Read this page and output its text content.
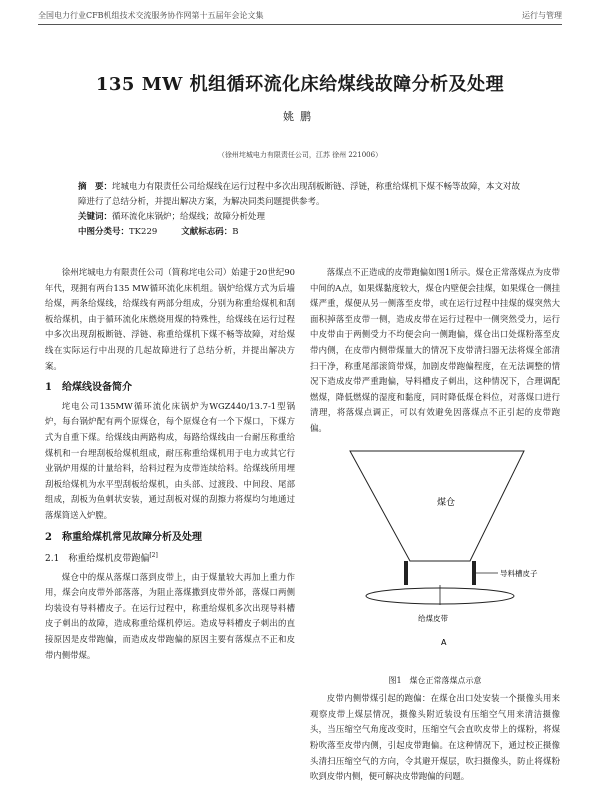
全国电力行业CFB机组技术交流服务协作网第十五届年会论文集	运行与管理
135 MW 机组循环流化床给煤线故障分析及处理
姚鹏
（徐州垞城电力有限责任公司，江苏 徐州 221006）

摘　要：垞城电力有限责任公司给煤线在运行过程中多次出现刮板断链、浮链，称重给煤机下煤不畅等故障，本文对故障进行了总结分析，并提出解决方案，为解决同类问题提供参考。

关键词：循环流化床锅炉；给煤线；故障分析处理

中图分类号：TK229	文献标志码：B

徐州垞城电力有限责任公司（简称垞电公司）始建于20世纪90年代，现拥有两台135 MW循环流化床机组。锅炉给煤方式为后墙给煤，两条给煤线，给煤线有两部分组成，分别为称重给煤机和刮板给煤机，由于循环流化床燃烧用煤的特殊性，给煤线在运行过程中多次出现刮板断链、浮链、称重给煤机下煤不畅等故障，对给煤线在实际运行中出现的几起故障进行了总结分析，并提出解决方案。

1　给煤线设备简介

垞电公司135MW循环流化床锅炉为WGZ440/13.7-1型锅炉，每台锅炉配有两个原煤仓，每个原煤仓有一个下煤口，下煤方式为自重下煤。给煤线由两路构成，每路给煤线由一台耐压称重给煤机和一台埋刮板给煤机组成，耐压称重给煤机用于电力或其它行业锅炉用煤的计量给料，给料过程为皮带连续给料。给煤线所用埋刮板给煤机为水平型刮板给煤机，由头部、过渡段、中间段、尾部组成，刮板为鱼刺状安装，通过刮板对煤的刮擦力将煤均匀地通过落煤筒送入炉膛。

2　称重给煤机常见故障分析及处理
2.1　称重给煤机皮带跑偏[2]

煤仓中的煤从落煤口落到皮带上，由于煤量较大再加上重力作用，煤会向皮带外部落落，为阻止落煤撒到皮带外部，落煤口两侧均装设有导料槽皮子。在运行过程中，称重给煤机多次出现导料槽皮子刺出的故障，造成称重给煤机停运。造成导料槽皮子刺出的直接原因是皮带跑偏，而造成皮带跑偏的原因主要有落煤点不正和皮带内侧带煤。

落煤点不正造成的皮带跑偏如图1所示。煤仓正常落煤点为皮带中间的A点，如果煤黏度较大，煤仓内壁便会挂煤，如果煤仓一侧挂煤严重，煤便从另一侧落至皮带，或在运行过程中挂煤的煤突然大面积掉落至皮带一侧，造成皮带在运行过程中一侧突然受力，运行中皮带由于两侧受力不均便会向一侧跑偏，煤仓出口处煤粉落至皮带内侧，在皮带内侧带煤量大的情况下皮带清扫器无法将煤全部清扫干净，称重尾部滚筒带煤，加剧皮带跑偏程度，在无法调整的情况下造成皮带严重跑偏，导料槽皮子刺出，这种情况下，合理调配燃煤，降低燃煤的湿度和黏度，同时降低煤仓料位，对落煤口进行清理，将落煤点调正，可以有效避免因落煤点不正引起的皮带跑偏。

煤仓
导料槽皮子
给煤皮带
A
图1　煤仓正常落煤点示意

皮带内侧带煤引起的跑偏：在煤仓出口处安装一个摄像头用来观察皮带上煤层情况，摄像头附近装设有压缩空气用来清洁摄像头，当压缩空气角度改变时，压缩空气会直吹皮带上的煤粉，将煤粉吹落至皮带内侧，引起皮带跑偏。在这种情况下，通过校正摄像头清扫压缩空气的方向，令其避开煤层，吹扫摄像头，防止将煤粉吹到皮带内侧，便可解决皮带跑偏的问题。
